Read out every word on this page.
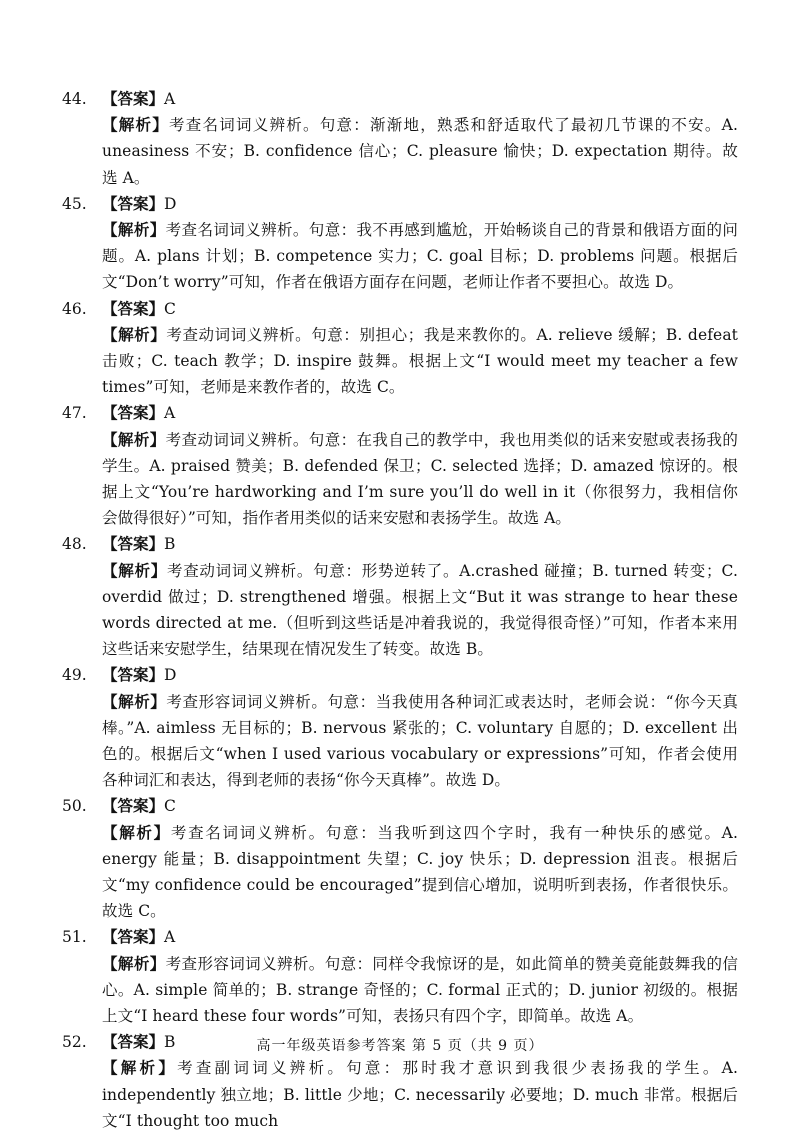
44. 【答案】A
【解析】考查名词词义辨析。句意：渐渐地，熟悉和舒适取代了最初几节课的不安。A. uneasiness 不安；B. confidence 信心；C. pleasure 愉快；D. expectation 期待。故选 A。
45. 【答案】D
【解析】考查名词词义辨析。句意：我不再感到尴尬，开始畅谈自己的背景和俄语方面的问题。A. plans 计划；B. competence 实力；C. goal 目标；D. problems 问题。根据后文“Don’t worry”可知，作者在俄语方面存在问题，老师让作者不要担心。故选 D。
46. 【答案】C
【解析】考查动词词义辨析。句意：别担心；我是来教你的。A. relieve 缓解；B. defeat 击败；C. teach 教学；D. inspire 鼓舞。根据上文“I would meet my teacher a few times”可知，老师是来教作者的，故选 C。
47. 【答案】A
【解析】考查动词词义辨析。句意：在我自己的教学中，我也用类似的话来安慰或表扬我的学生。A. praised 赞美；B. defended 保卫；C. selected 选择；D. amazed 惊讶的。根据上文“You’re hardworking and I’m sure you’ll do well in it（你很努力，我相信你会做得很好）”可知，指作者用类似的话来安慰和表扬学生。故选 A。
48. 【答案】B
【解析】考查动词词义辨析。句意：形势逆转了。A.crashed 碰撞；B. turned 转变；C. overdid 做过；D. strengthened 增强。根据上文“But it was strange to hear these words directed at me.（但听到这些话是冲着我说的，我觉得很奇怪）”可知，作者本来用这些话来安慰学生，结果现在情况发生了转变。故选 B。
49. 【答案】D
【解析】考查形容词词义辨析。句意：当我使用各种词汇或表达时，老师会说：“你今天真棒。”A. aimless 无目标的；B. nervous 紧张的；C. voluntary 自愿的；D. excellent 出色的。根据后文“when I used various vocabulary or expressions”可知，作者会使用各种词汇和表达，得到老师的表扬“你今天真棒”。故选 D。
50. 【答案】C
【解析】考查名词词义辨析。句意：当我听到这四个字时，我有一种快乐的感觉。A. energy 能量；B. disappointment 失望；C. joy 快乐；D. depression 沮丧。根据后文“my confidence could be encouraged”提到信心增加，说明听到表扬，作者很快乐。故选 C。
51. 【答案】A
【解析】考查形容词词义辨析。句意：同样令我惊讶的是，如此简单的赞美竟能鼓舞我的信心。A. simple 简单的；B. strange 奇怪的；C. formal 正式的；D. junior 初级的。根据上文“I heard these four words”可知，表扬只有四个字，即简单。故选 A。
52. 【答案】B
【解析】考查副词词义辨析。句意：那时我才意识到我很少表扬我的学生。A. independently 独立地；B. little 少地；C. necessarily 必要地；D. much 非常。根据后文“I thought too much
高一年级英语参考答案 第 5 页（共 9 页）
